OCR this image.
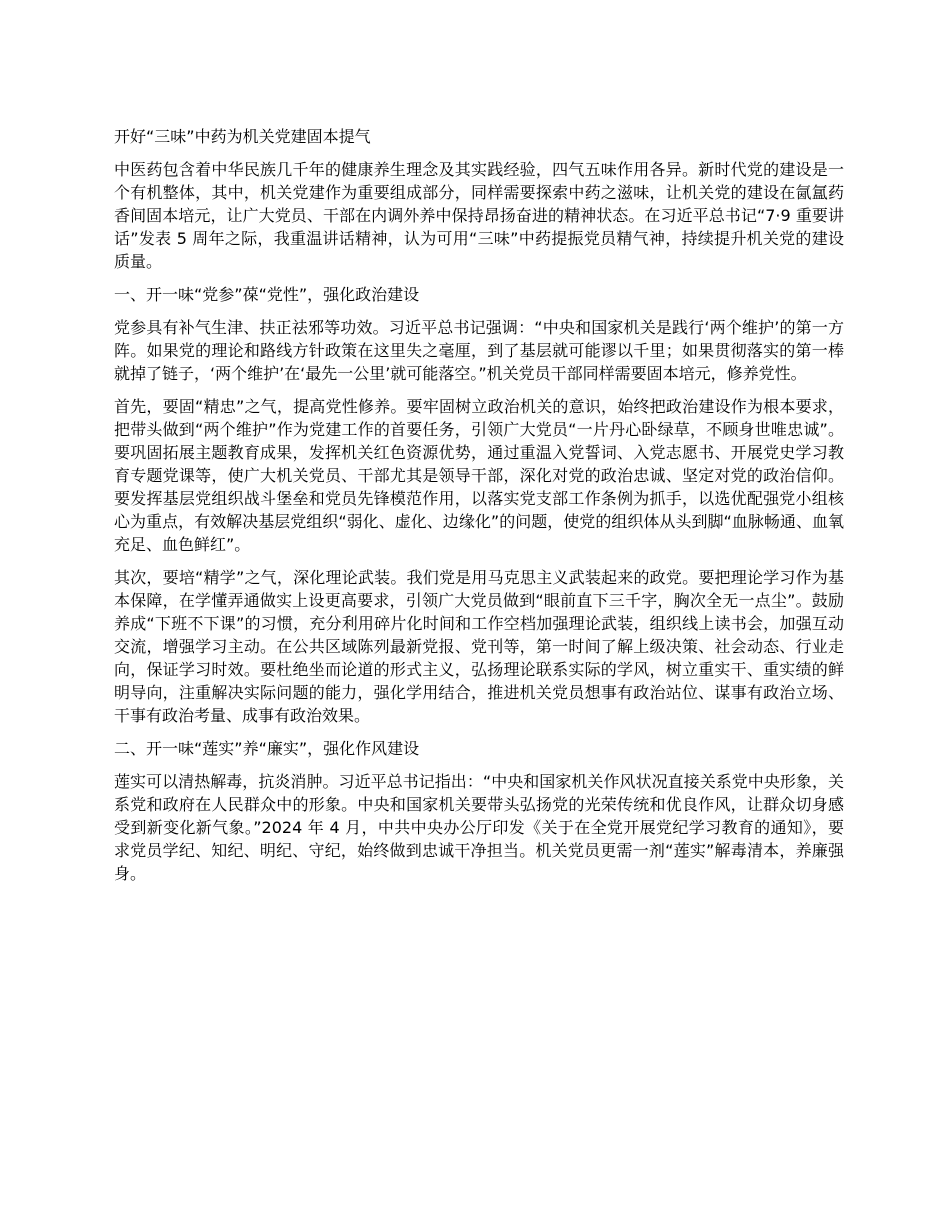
开好“三味”中药为机关党建固本提气
中医药包含着中华民族几千年的健康养生理念及其实践经验，四气五味作用各异。新时代党的建设是一个有机整体，其中，机关党建作为重要组成部分，同样需要探索中药之滋味，让机关党的建设在氤氲药香间固本培元，让广大党员、干部在内调外养中保持昂扬奋进的精神状态。在习近平总书记“7·9 重要讲话”发表 5 周年之际，我重温讲话精神，认为可用“三味”中药提振党员精气神，持续提升机关党的建设质量。
一、开一味“党参”葆“党性”，强化政治建设
党参具有补气生津、扶正祛邪等功效。习近平总书记强调：“中央和国家机关是践行‘两个维护’的第一方阵。如果党的理论和路线方针政策在这里失之毫厘，到了基层就可能谬以千里；如果贯彻落实的第一棒就掉了链子，‘两个维护’在‘最先一公里’就可能落空。”机关党员干部同样需要固本培元，修养党性。
首先，要固“精忠”之气，提高党性修养。要牢固树立政治机关的意识，始终把政治建设作为根本要求，把带头做到“两个维护”作为党建工作的首要任务，引领广大党员“一片丹心卧绿草，不顾身世唯忠诚”。要巩固拓展主题教育成果，发挥机关红色资源优势，通过重温入党誓词、入党志愿书、开展党史学习教育专题党课等，使广大机关党员、干部尤其是领导干部，深化对党的政治忠诚、坚定对党的政治信仰。要发挥基层党组织战斗堡垒和党员先锋模范作用，以落实党支部工作条例为抓手，以选优配强党小组核心为重点，有效解决基层党组织“弱化、虚化、边缘化”的问题，使党的组织体从头到脚“血脉畅通、血氧充足、血色鲜红”。
其次，要培“精学”之气，深化理论武装。我们党是用马克思主义武装起来的政党。要把理论学习作为基本保障，在学懂弄通做实上设更高要求，引领广大党员做到“眼前直下三千字，胸次全无一点尘”。鼓励养成“下班不下课”的习惯，充分利用碎片化时间和工作空档加强理论武装，组织线上读书会，加强互动交流，增强学习主动。在公共区域陈列最新党报、党刊等，第一时间了解上级决策、社会动态、行业走向，保证学习时效。要杜绝坐而论道的形式主义，弘扬理论联系实际的学风，树立重实干、重实绩的鲜明导向，注重解决实际问题的能力，强化学用结合，推进机关党员想事有政治站位、谋事有政治立场、干事有政治考量、成事有政治效果。
二、开一味“莲实”养“廉实”，强化作风建设
莲实可以清热解毒，抗炎消肿。习近平总书记指出：“中央和国家机关作风状况直接关系党中央形象，关系党和政府在人民群众中的形象。中央和国家机关要带头弘扬党的光荣传统和优良作风，让群众切身感受到新变化新气象。”2024 年 4 月，中共中央办公厅印发《关于在全党开展党纪学习教育的通知》，要求党员学纪、知纪、明纪、守纪，始终做到忠诚干净担当。机关党员更需一剂“莲实”解毒清本，养廉强身。
